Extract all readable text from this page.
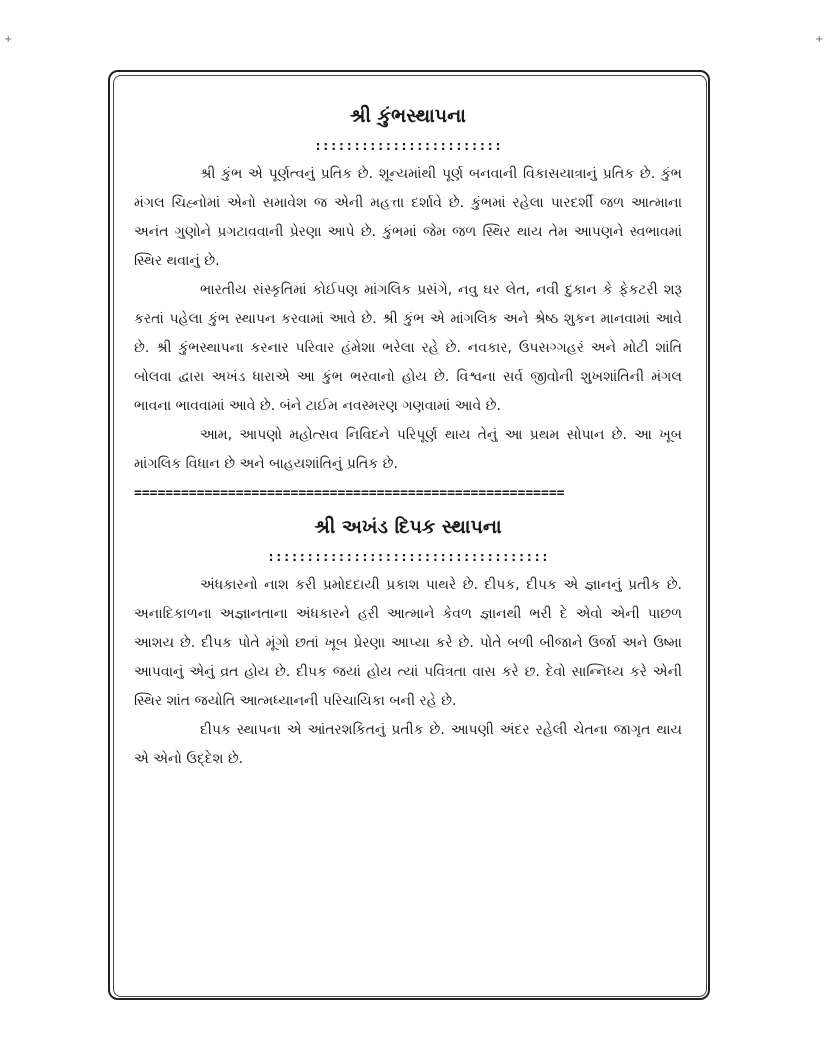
+	+
શ્રી કુંભસ્થાપના
::::::::::::::::::::::::

શ્રી કુંભ એ પૂર્ણત્વનું પ્રતિક છે. શૂન્યમાંથી પૂર્ણ બનવાની વિકાસયાત્રાનું પ્રતિક છે. કુંભ મંગલ ચિહ્નોમાં એનો સમાવેશ જ એની મહત્તા દર્શાવે છે. કુંભમાં રહેલા પારદર્શી જળ આત્માના અનંત ગુણોને પ્રગટાવવાની પ્રેરણા આપે છે. કુંભમાં જેમ જળ સ્થિર થાય તેમ આપણને સ્વભાવમાં સ્થિર થવાનું છે.

ભારતીય સંસ્કૃતિમાં કોઈપણ માંગલિક પ્રસંગે, નવુ ઘર લેત, નવી દુકાન કે ફેકટરી શરૂ કરતાં પહેલા કુંભ સ્થાપન કરવામાં આવે છે. શ્રી કુંભ એ માંગલિક અને શ્રેષ્ઠ શુકન માનવામાં આવે છે. શ્રી કુંભસ્થાપના કરનાર પરિવાર હંમેશા ભરેલા રહે છે. નવકાર, ઉપસગ્ગહરં અને મોટી શાંતિ બોલવા દ્વારા અખંડ ધારાએ આ કુંભ ભરવાનો હોય છે. વિશ્વના સર્વ જીવોની શુખશાંતિની મંગલ ભાવના ભાવવામાં આવે છે. બંને ટાઈમ નવસ્મરણ ગણવામાં આવે છે.

આમ, આપણો મહોત્સવ નિવિદને પરિપૂર્ણ થાય તેનું આ પ્રથમ સોપાન છે. આ ખૂબ માંગલિક વિધાન છે અને બાહયશાંતિનું પ્રતિક છે.

=======================================================
શ્રી અખંડ દિપક સ્થાપના
::::::::::::::::::::::::::::::::::::

અંધકારનો નાશ કરી પ્રમોદદાયી પ્રકાશ પાથરે છે. દીપક, દીપક એ જ્ઞાનનું પ્રતીક છે. અનાદિકાળના અજ્ઞાનતાના અંધકારને હરી આત્માને કેવળ જ્ઞાનથી ભરી દે એવો એની પાછળ આશય છે. દીપક પોતે મૂંગો છતાં ખૂબ પ્રેરણા આપ્યા કરે છે. પોતે બળી બીજાને ઉર્જા અને ઉષ્મા આપવાનું એનું વ્રત હોય છે. દીપક જયાં હોય ત્યાં પવિત્રતા વાસ કરે છ. દેવો સાન્નિધ્ય કરે એની સ્થિર શાંત જયોતિ આત્મધ્યાનની પરિચાયિકા બની રહે છે.

દીપક સ્થાપના એ આંતરશકિતનું પ્રતીક છે. આપણી અંદર રહેલી ચેતના જાગૃત થાય એ એનો ઉદ્દેશ છે.
